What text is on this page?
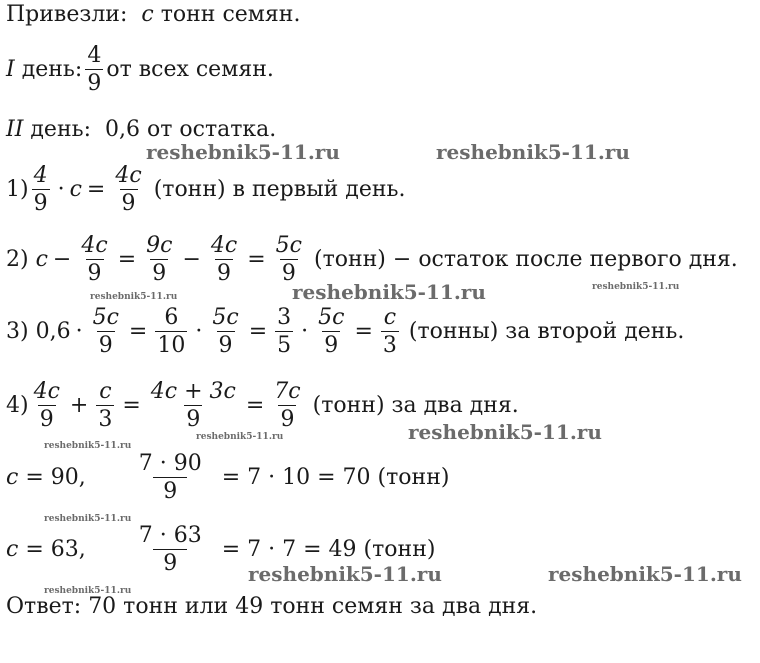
Привезли:
c
тонн семян.
I
день: $\frac{4}{9}$ от всех семян.
II
день:
0,6 от остатка.
$1) \frac{4}{9} \cdot c = \frac{4c}{9}$
(тонн) в первый день.
2)
$c - \frac{4c}{9} = \frac{9c}{9} - \frac{4c}{9} = \frac{5c}{9}$
(тонн) − остаток после первого дня.
3)
$0,6 \cdot \frac{5c}{9} = \frac{6}{10} \cdot \frac{5c}{9} = \frac{3}{5} \cdot \frac{5c}{9} = \frac{c}{3}$
(тонны) за второй день.
$4) \frac{4c}{9} + \frac{c}{3} = \frac{4c + 3c}{9} = \frac{7c}{9}$
(тонн) за два дня.
c
= 90, $\frac{7 \cdot 90}{9}$
= 7 · 10 = 70 (тонн)
c
= 63, $\frac{7 \cdot 63}{9}$
= 7 · 7 = 49 (тонн)
Ответ: 70 тонн или 49 тонн семян за два дня.
reshebnik5-11.ru	reshebnik5-11.ru
reshebnik5-11.ru	reshebnik5-11.ru	reshebnik5-11.ru
reshebnik5-11.ru
reshebnik5-11.ru	reshebnik5-11.ru
reshebnik5-11.ru
reshebnik5-11.ru	reshebnik5-11.ru
reshebnik5-11.ru
